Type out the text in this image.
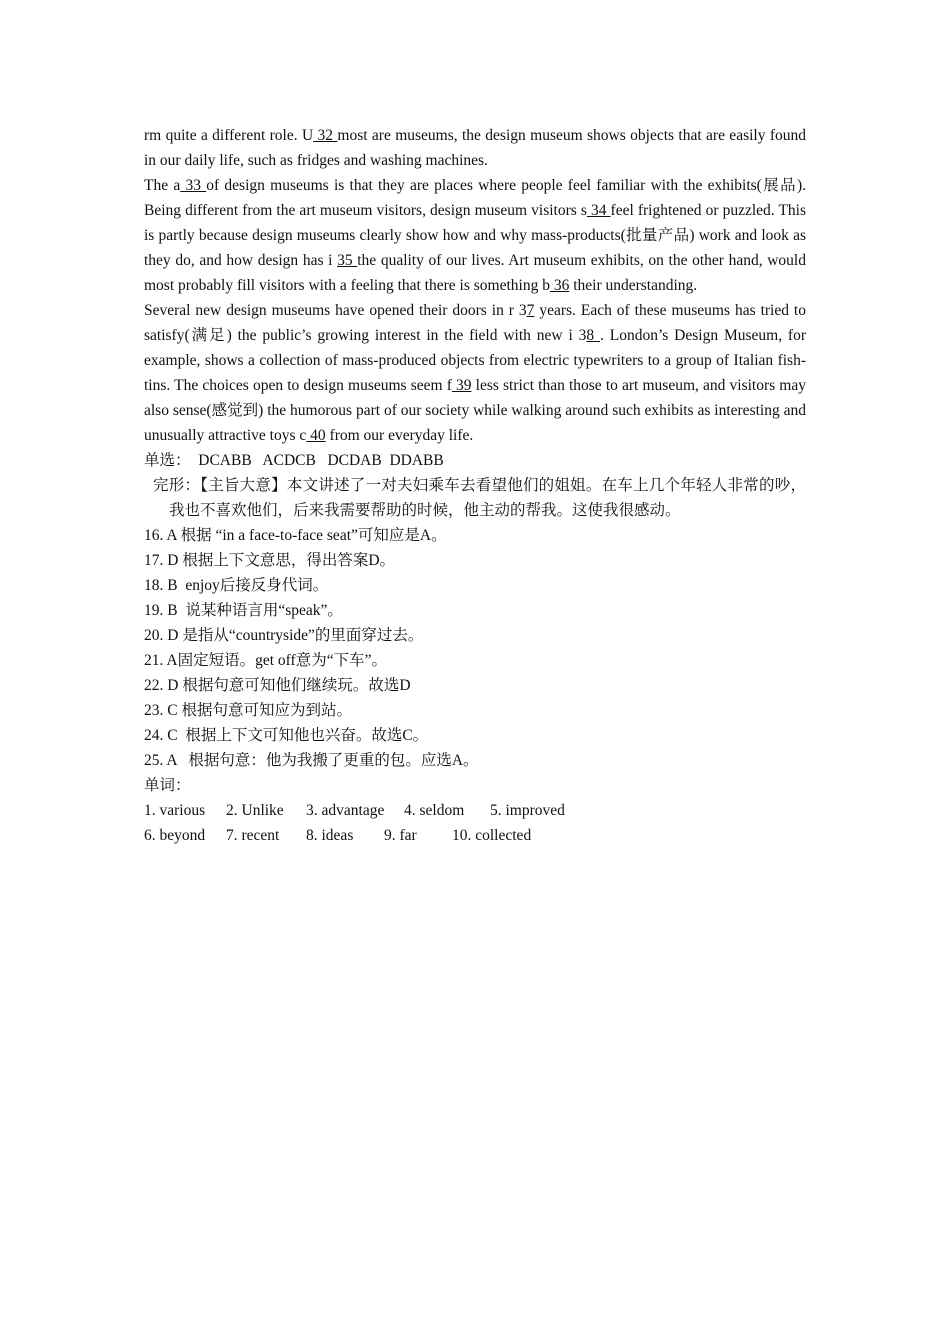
rm quite a different role. U 32 most are museums, the design museum shows objects that are easily found in our daily life, such as fridges and washing machines.

The a 33 of design museums is that they are places where people feel familiar with the exhibits(展品). Being different from the art museum visitors, design museum visitors s 34 feel frightened or puzzled. This is partly because design museums clearly show how and why mass-products(批量产品) work and look as they do, and how design has i 35 the quality of our lives. Art museum exhibits, on the other hand, would most probably fill visitors with a feeling that there is something b 36 their understanding.

Several new design museums have opened their doors in r 37 years. Each of these museums has tried to satisfy(满足) the public’s growing interest in the field with new i 38 . London’s Design Museum, for example, shows a collection of mass-produced objects from electric typewriters to a group of Italian fish-tins. The choices open to design museums seem f 39 less strict than those to art museum, and visitors may also sense(感觉到) the humorous part of our society while walking around such exhibits as interesting and unusually attractive toys c 40 from our everyday life.

单选：  DCABB   ACDCB   DCDAB  DDABB

完形：【主旨大意】本文讲述了一对夫妇乘车去看望他们的姐姐。在车上几个年轻人非常的吵，我也不喜欢他们，后来我需要帮助的时候，他主动的帮我。这使我很感动。

16. A 根据 “in a face-to-face seat”可知应是A。

17. D 根据上下文意思，得出答案D。

18. B  enjoy后接反身代词。

19. B  说某种语言用“speak”。

20. D 是指从“countryside”的里面穿过去。

21. A固定短语。get off意为“下车”。

22. D 根据句意可知他们继续玩。故选D

23. C 根据句意可知应为到站。

24. C  根据上下文可知他也兴奋。故选C。

25. A   根据句意：他为我搬了更重的包。应选A。

单词：

1. various 2. Unlike 3. advantage 4. seldom 5. improved

6. beyond 7. recent 8. ideas 9. far 10. collected
